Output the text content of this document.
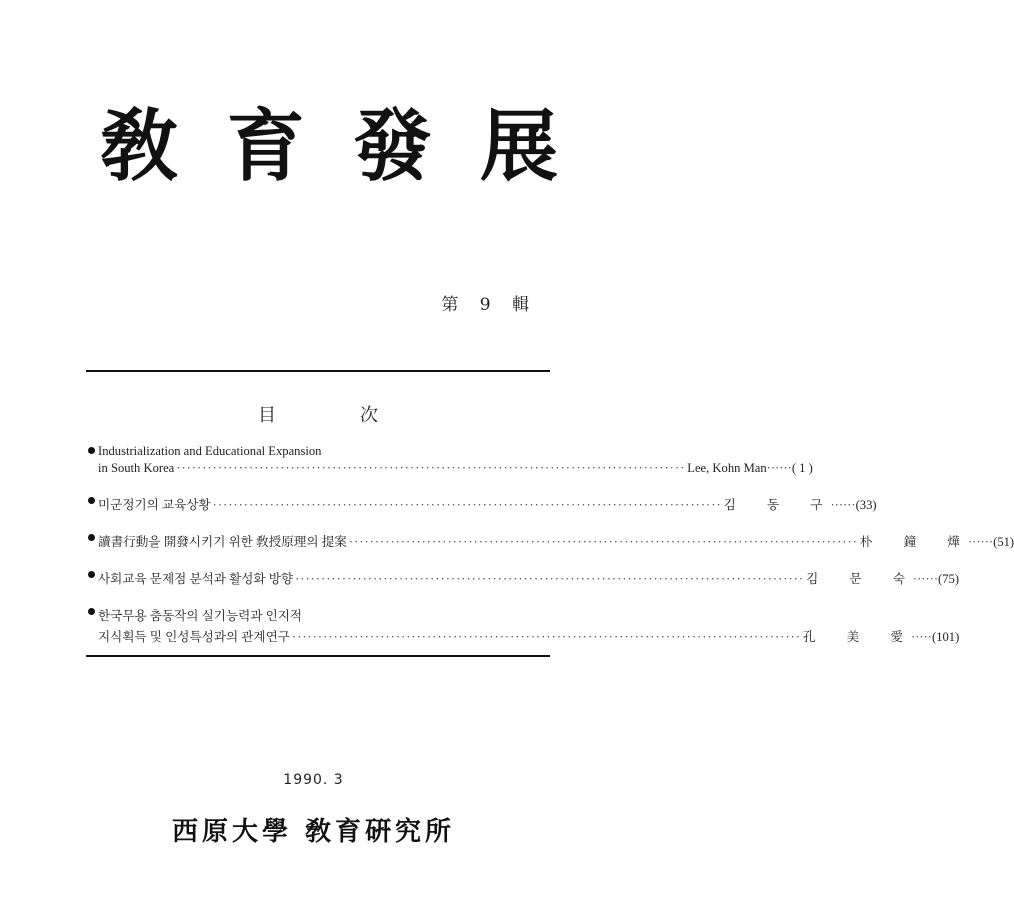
敎 育 發 展
第 9 輯
目	次
Industrialization and Educational Expansion
in South Korea ·································································································· Lee, Kohn Man ······( 1 )
미군정기의 교육상황 ·································································································· 김 동 구
······(33)
讀書行動을 開發시키기 위한 敎授原理의 提案 ·································································································· 朴 鐘 燁
······(51)
사회교육 문제점 분석과 활성화 방향 ·································································································· 김 문 숙
······(75)
한국무용 춤동작의 실기능력과 인지적
지식획득 및 인성특성과의 관계연구 ·································································································· 孔 美 愛
·····(101)
1990. 3
西原大學 敎育硏究所
